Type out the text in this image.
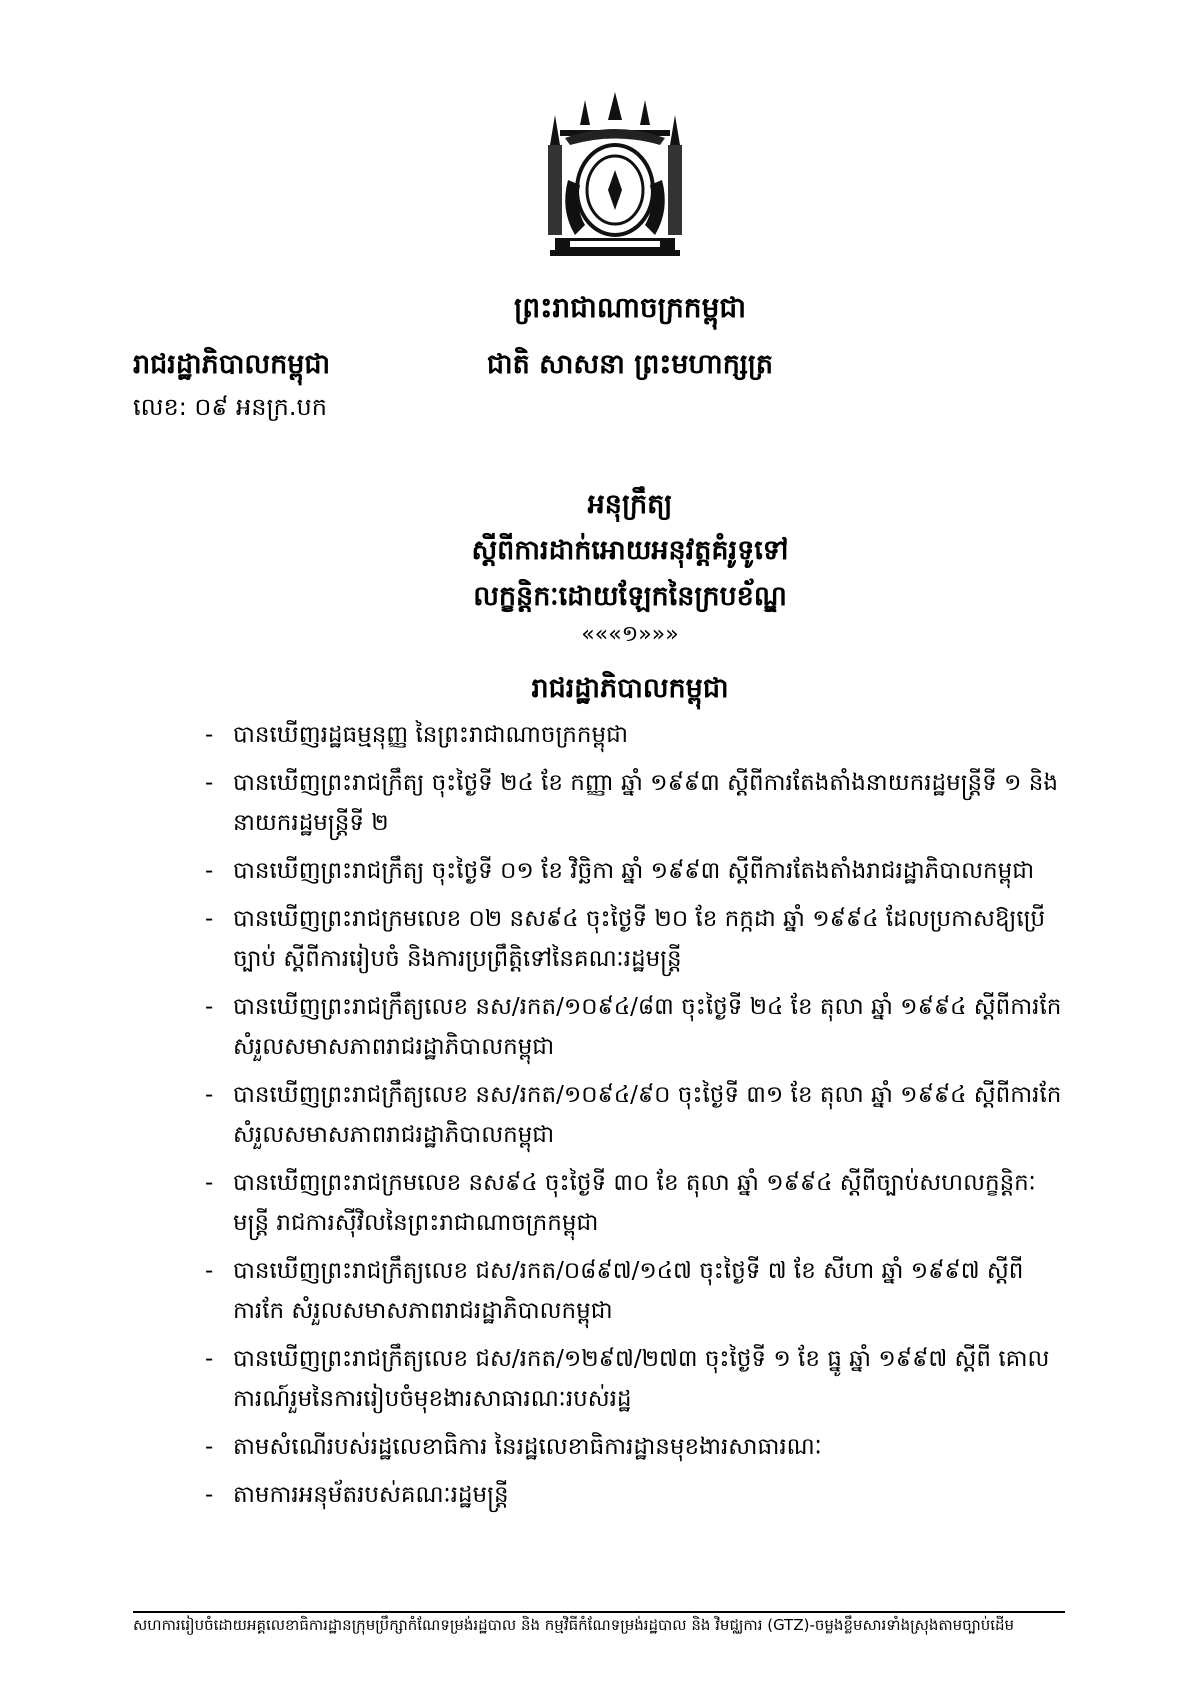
ព្រះរាជាណាចក្រកម្ពុជា
ជាតិ សាសនា ព្រះមហាក្សត្រ
រាជរដ្ឋាភិបាលកម្ពុជា
លេខ: ០៩ អនក្រ.បក
អនុក្រឹត្យ
ស្តីពីការដាក់អោយអនុវត្តគំរូទូទៅ
លក្ខន្តិកៈដោយឡែកនៃក្របខ័ណ្ឌ
«««១»»»
រាជរដ្ឋាភិបាលកម្ពុជា
- បានឃើញរដ្ឋធម្មនុញ្ញ នៃព្រះរាជាណាចក្រកម្ពុជា
- បានឃើញព្រះរាជក្រឹត្យ ចុះថ្ងៃទី ២៤ ខែ កញ្ញា ឆ្នាំ ១៩៩៣ ស្តីពីការតែងតាំងនាយករដ្ឋមន្ត្រីទី ១ និង នាយករដ្ឋមន្ត្រីទី ២
- បានឃើញព្រះរាជក្រឹត្យ ចុះថ្ងៃទី ០១ ខែ វិច្ឆិកា ឆ្នាំ ១៩៩៣ ស្តីពីការតែងតាំងរាជរដ្ឋាភិបាលកម្ពុជា
- បានឃើញព្រះរាជក្រមលេខ ០២ នស៩៤ ចុះថ្ងៃទី ២០ ខែ កក្កដា ឆ្នាំ ១៩៩៤ ដែលប្រកាសឱ្យប្រើច្បាប់ ស្តីពីការរៀបចំ និងការប្រព្រឹត្តិទៅនៃគណៈរដ្ឋមន្ត្រី
- បានឃើញព្រះរាជក្រឹត្យលេខ នស/រកត/១០៩៤/៨៣ ចុះថ្ងៃទី ២៤ ខែ តុលា ឆ្នាំ ១៩៩៤ ស្តីពីការកែ សំរួលសមាសភាពរាជរដ្ឋាភិបាលកម្ពុជា
- បានឃើញព្រះរាជក្រឹត្យលេខ នស/រកត/១០៩៤/៩០ ចុះថ្ងៃទី ៣១ ខែ តុលា ឆ្នាំ ១៩៩៤ ស្តីពីការកែ សំរួលសមាសភាពរាជរដ្ឋាភិបាលកម្ពុជា
- បានឃើញព្រះរាជក្រមលេខ នស៩៤ ចុះថ្ងៃទី ៣០ ខែ តុលា ឆ្នាំ ១៩៩៤ ស្តីពីច្បាប់សហលក្ខន្តិកៈមន្ត្រី រាជការស៊ីវិលនៃព្រះរាជាណាចក្រកម្ពុជា
- បានឃើញព្រះរាជក្រឹត្យលេខ ជស/រកត/០៨៩៧/១៤៧ ចុះថ្ងៃទី ៧ ខែ សីហា ឆ្នាំ ១៩៩៧ ស្តីពី ការកែ សំរួលសមាសភាពរាជរដ្ឋាភិបាលកម្ពុជា
- បានឃើញព្រះរាជក្រឹត្យលេខ ជស/រកត/១២៩៧/២៧៣ ចុះថ្ងៃទី ១ ខែ ធ្នូ ឆ្នាំ ១៩៩៧ ស្តីពី គោល ការណ៍រួមនៃការរៀបចំមុខងារសាធារណៈរបស់រដ្ឋ
- តាមសំណើរបស់រដ្ឋលេខាធិការ នៃរដ្ឋលេខាធិការដ្ឋានមុខងារសាធារណៈ
- តាមការអនុម័តរបស់គណៈរដ្ឋមន្ត្រី
សហការរៀបចំដោយអគ្គលេខាធិការដ្ឋានក្រុមប្រឹក្សាកំណែទម្រង់រដ្ឋបាល និង កម្មវិធីកំណែទម្រង់រដ្ឋបាល និង វិមជ្ឈការ (GTZ)-ចម្លងខ្លឹមសារទាំងស្រុងតាមច្បាប់ដើម
